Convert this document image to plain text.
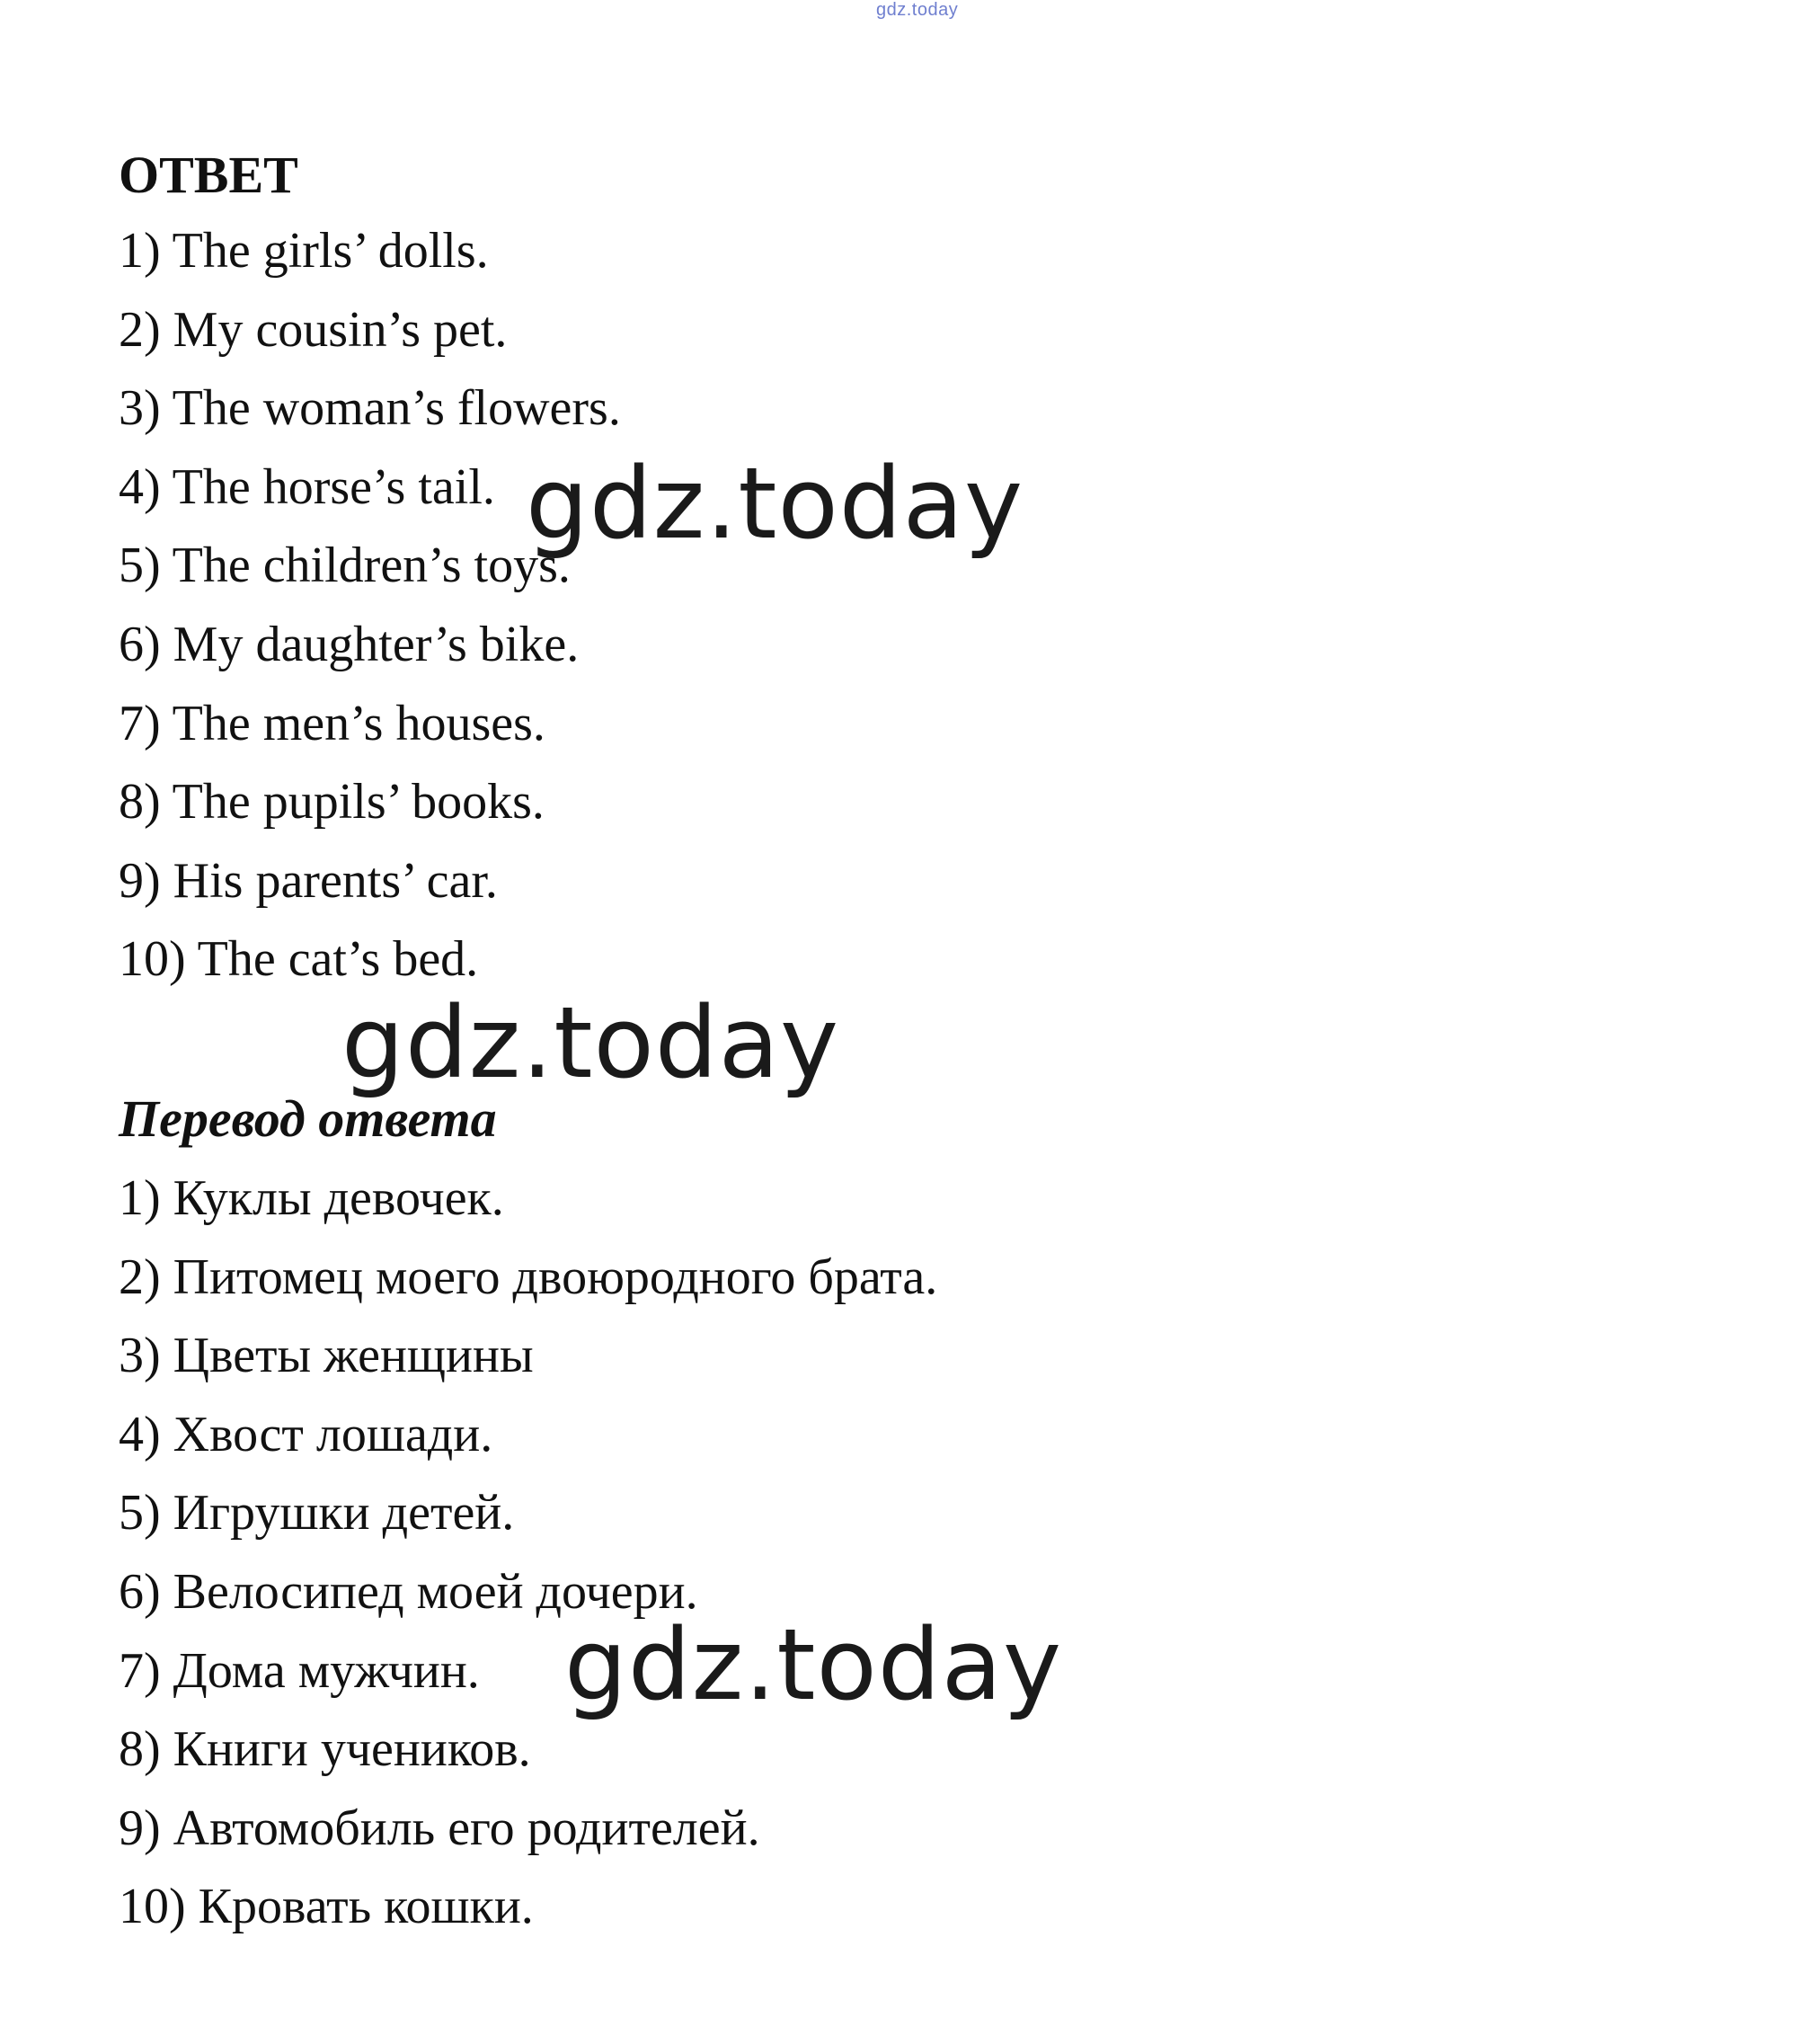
gdz.today
ОТВЕТ
1) The girls’ dolls.
2) My cousin’s pet.
3) The woman’s flowers.
4) The horse’s tail.
5) The children’s toys.
6) My daughter’s bike.
7) The men’s houses.
8) The pupils’ books.
9) His parents’ car.
10) The cat’s bed.
Перевод ответа
1) Куклы девочек.
2) Питомец моего двоюродного брата.
3) Цветы женщины
4) Хвост лошади.
5) Игрушки детей.
6) Велосипед моей дочери.
7) Дома мужчин.
8) Книги учеников.
9) Автомобиль его родителей.
10) Кровать кошки.
gdz.today
gdz.today
gdz.today
